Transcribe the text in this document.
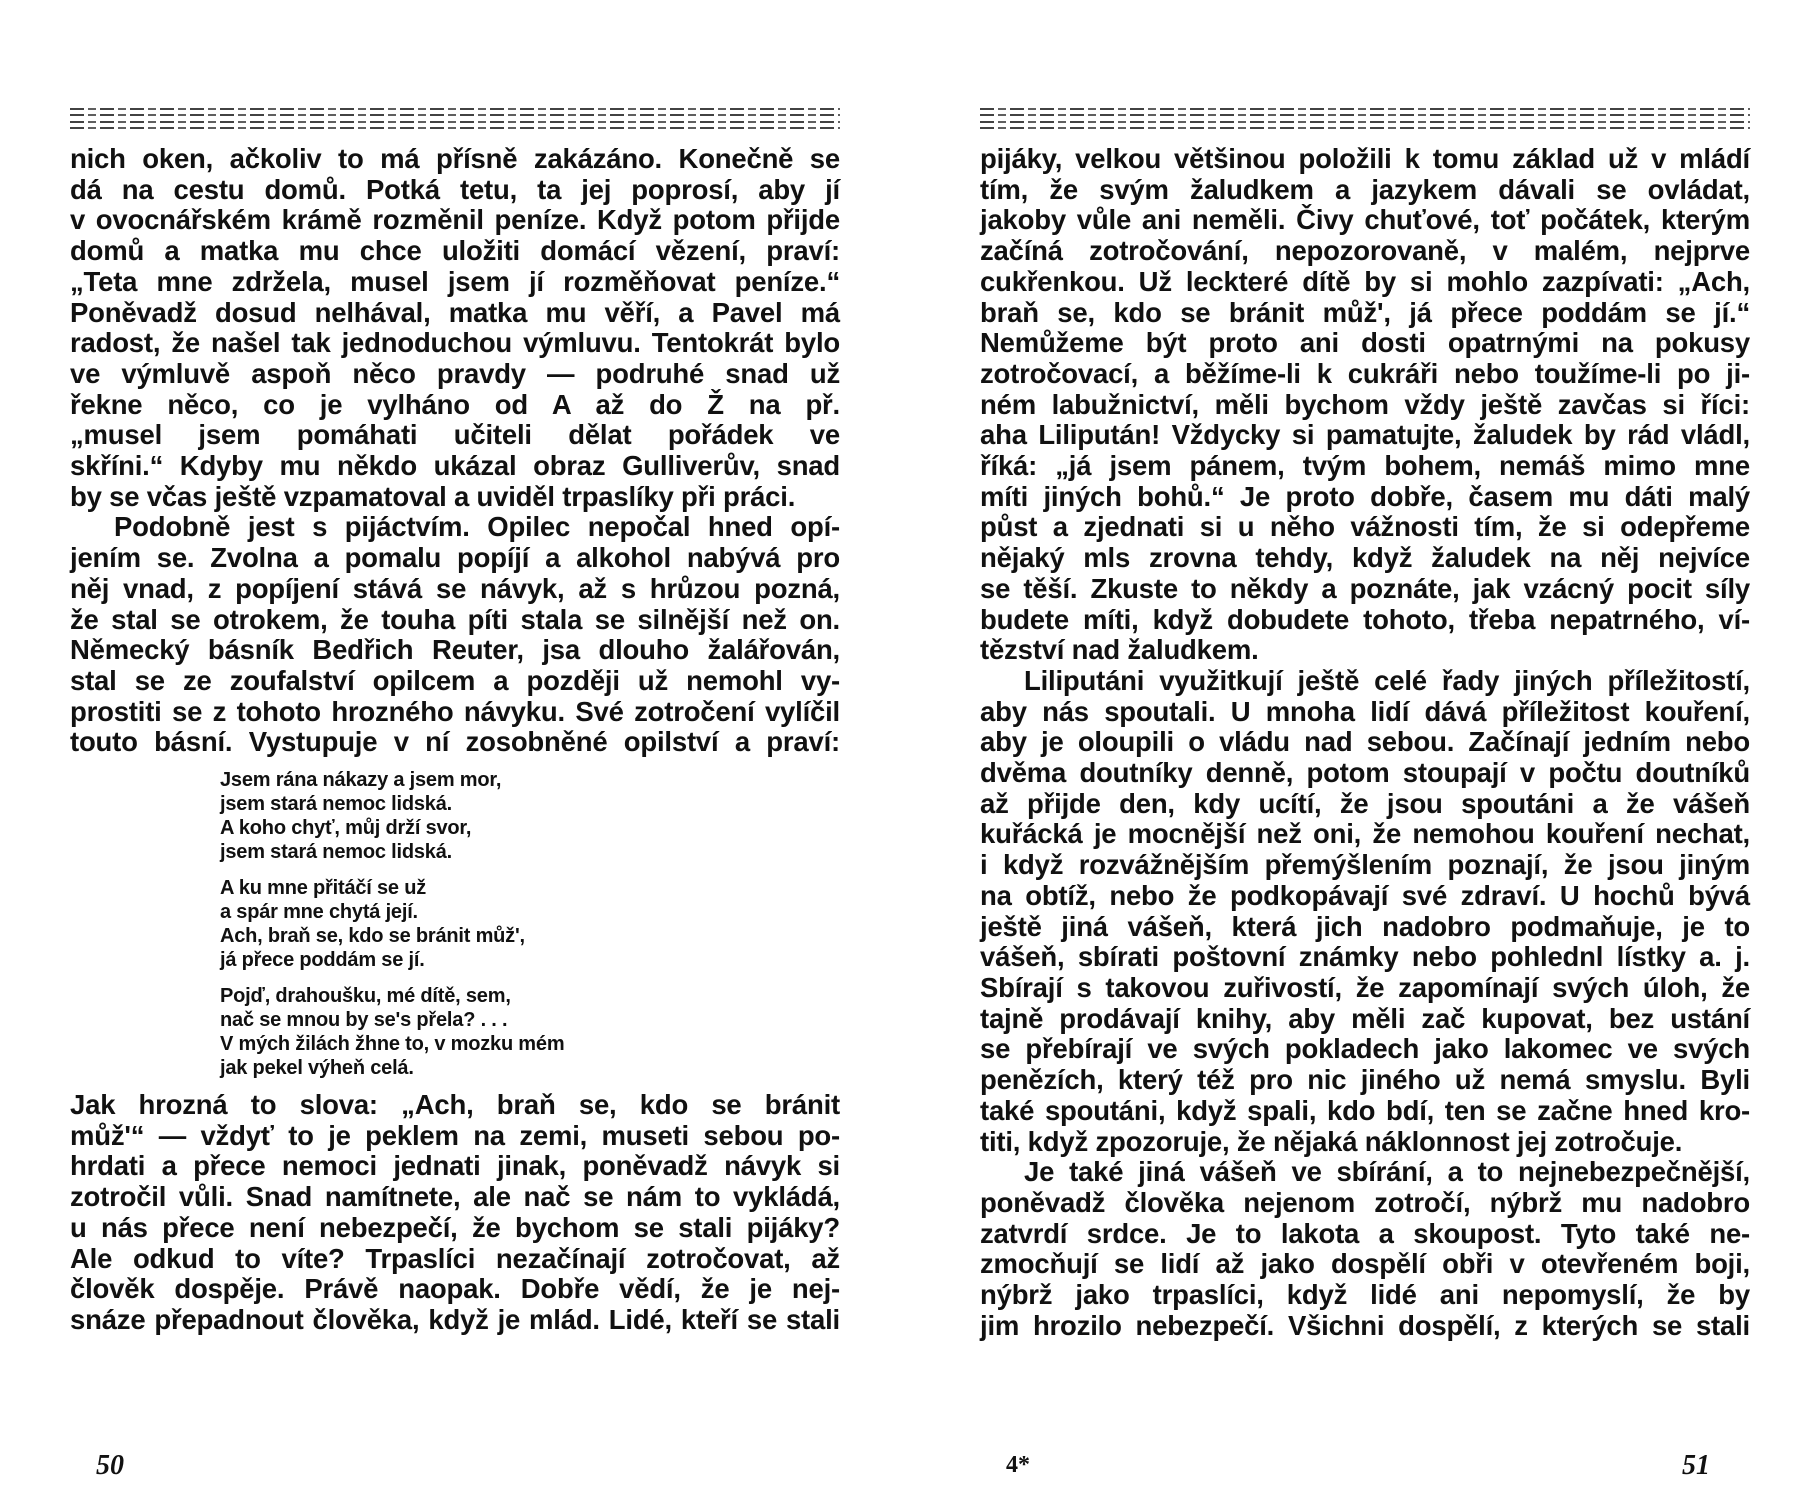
nich oken, ačkoliv to má přísně zakázáno. Konečně se
dá na cestu domů. Potká tetu, ta jej poprosí, aby jí
v ovocnářském krámě rozměnil peníze. Když potom přijde
domů a matka mu chce uložiti domácí vězení, praví:
„Teta mne zdržela, musel jsem jí rozměňovat peníze.“
Poněvadž dosud nelhával, matka mu věří, a Pavel má
radost, že našel tak jednoduchou výmluvu. Tentokrát bylo
ve výmluvě aspoň něco pravdy — podruhé snad už
řekne něco, co je vylháno od A až do Ž na př.
„musel jsem pomáhati učiteli dělat pořádek ve
skříni.“ Kdyby mu někdo ukázal obraz Gulliverův, snad
by se včas ještě vzpamatoval a uviděl trpaslíky při práci.
Podobně jest s pijáctvím. Opilec nepočal hned opí-
jením se. Zvolna a pomalu popíjí a alkohol nabývá pro
něj vnad, z popíjení stává se návyk, až s hrůzou pozná,
že stal se otrokem, že touha píti stala se silnější než on.
Německý básník Bedřich Reuter, jsa dlouho žalářován,
stal se ze zoufalství opilcem a později už nemohl vy-
prostiti se z tohoto hrozného návyku. Své zotročení vylíčil
touto básní. Vystupuje v ní zosobněné opilství a praví:
Jsem rána nákazy a jsem mor,
jsem stará nemoc lidská.
A koho chyť, můj drží svor,
jsem stará nemoc lidská.
A ku mne přitáčí se už
a spár mne chytá její.
Ach, braň se, kdo se bránit můž',
já přece poddám se jí.
Pojď, drahoušku, mé dítě, sem,
nač se mnou by se's přela? . . .
V mých žilách žhne to, v mozku mém
jak pekel výheň celá.
Jak hrozná to slova: „Ach, braň se, kdo se bránit
můž'“ — vždyť to je peklem na zemi, museti sebou po-
hrdati a přece nemoci jednati jinak, poněvadž návyk si
zotročil vůli. Snad namítnete, ale nač se nám to vykládá,
u nás přece není nebezpečí, že bychom se stali pijáky?
Ale odkud to víte? Trpaslíci nezačínají zotročovat, až
člověk dospěje. Právě naopak. Dobře vědí, že je nej-
snáze přepadnout člověka, když je mlád. Lidé, kteří se stali
pijáky, velkou většinou položili k tomu základ už v mládí
tím, že svým žaludkem a jazykem dávali se ovládat,
jakoby vůle ani neměli. Čivy chuťové, toť počátek, kterým
začíná zotročování, nepozorovaně, v malém, nejprve
cukřenkou. Už leckteré dítě by si mohlo zazpívati: „Ach,
braň se, kdo se bránit můž', já přece poddám se jí.“
Nemůžeme být proto ani dosti opatrnými na pokusy
zotročovací, a běžíme-li k cukráři nebo toužíme-li po ji-
ném labužnictví, měli bychom vždy ještě zavčas si říci:
aha Lilipután! Vždycky si pamatujte, žaludek by rád vládl,
říká: „já jsem pánem, tvým bohem, nemáš mimo mne
míti jiných bohů.“ Je proto dobře, časem mu dáti malý
půst a zjednati si u něho vážnosti tím, že si odepřeme
nějaký mls zrovna tehdy, když žaludek na něj nejvíce
se těší. Zkuste to někdy a poznáte, jak vzácný pocit síly
budete míti, když dobudete tohoto, třeba nepatrného, ví-
tězství nad žaludkem.
Liliputáni využitkují ještě celé řady jiných příležitostí,
aby nás spoutali. U mnoha lidí dává příležitost kouření,
aby je oloupili o vládu nad sebou. Začínají jedním nebo
dvěma doutníky denně, potom stoupají v počtu doutníků
až přijde den, kdy ucítí, že jsou spoutáni a že vášeň
kuřácká je mocnější než oni, že nemohou kouření nechat,
i když rozvážnějším přemýšlením poznají, že jsou jiným
na obtíž, nebo že podkopávají své zdraví. U hochů bývá
ještě jiná vášeň, která jich nadobro podmaňuje, je to
vášeň, sbírati poštovní známky nebo pohlednl lístky a. j.
Sbírají s takovou zuřivostí, že zapomínají svých úloh, že
tajně prodávají knihy, aby měli zač kupovat, bez ustání
se přebírají ve svých pokladech jako lakomec ve svých
penězích, který též pro nic jiného už nemá smyslu. Byli
také spoutáni, když spali, kdo bdí, ten se začne hned kro-
titi, když zpozoruje, že nějaká náklonnost jej zotročuje.
Je také jiná vášeň ve sbírání, a to nejnebezpečnější,
poněvadž člověka nejenom zotročí, nýbrž mu nadobro
zatvrdí srdce. Je to lakota a skoupost. Tyto také ne-
zmocňují se lidí až jako dospělí obři v otevřeném boji,
nýbrž jako trpaslíci, když lidé ani nepomyslí, že by
jim hrozilo nebezpečí. Všichni dospělí, z kterých se stali
50	4*	51
